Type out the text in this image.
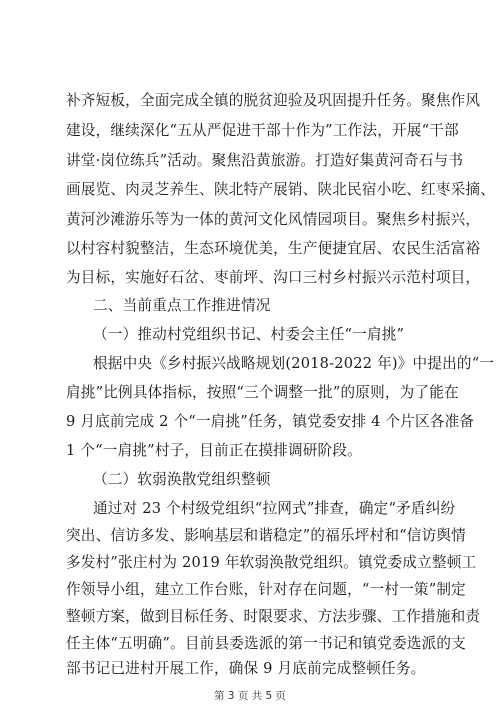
补齐短板，全面完成全镇的脱贫迎验及巩固提升任务。聚焦作风
建设，继续深化“五从严促进干部十作为”工作法，开展“干部
讲堂·岗位练兵”活动。聚焦沿黄旅游。打造好集黄河奇石与书
画展览、肉灵芝养生、陕北特产展销、陕北民宿小吃、红枣采摘、
黄河沙滩游乐等为一体的黄河文化风情园项目。聚焦乡村振兴，
以村容村貌整洁，生态环境优美，生产便捷宜居、农民生活富裕
为目标，实施好石岔、枣前坪、沟口三村乡村振兴示范村项目，
二、当前重点工作推进情况
（一）推动村党组织书记、村委会主任“一肩挑”
根据中央《乡村振兴战略规划(2018-2022 年)》中提出的“一
肩挑”比例具体指标，按照“三个调整一批”的原则，为了能在
9 月底前完成 2 个“一肩挑”任务，镇党委安排 4 个片区各准备
1 个“一肩挑”村子，目前正在摸排调研阶段。
（二）软弱涣散党组织整顿
通过对 23 个村级党组织“拉网式”排查，确定“矛盾纠纷
突出、信访多发、影响基层和谐稳定”的福乐坪村和“信访舆情
多发村”张庄村为 2019 年软弱涣散党组织。镇党委成立整顿工
作领导小组，建立工作台账，针对存在问题，“一村一策”制定
整顿方案，做到目标任务、时限要求、方法步骤、工作措施和责
任主体“五明确”。目前县委选派的第一书记和镇党委选派的支
第 3 页 共 5 页
部书记已进村开展工作，确保 9 月底前完成整顿任务。
